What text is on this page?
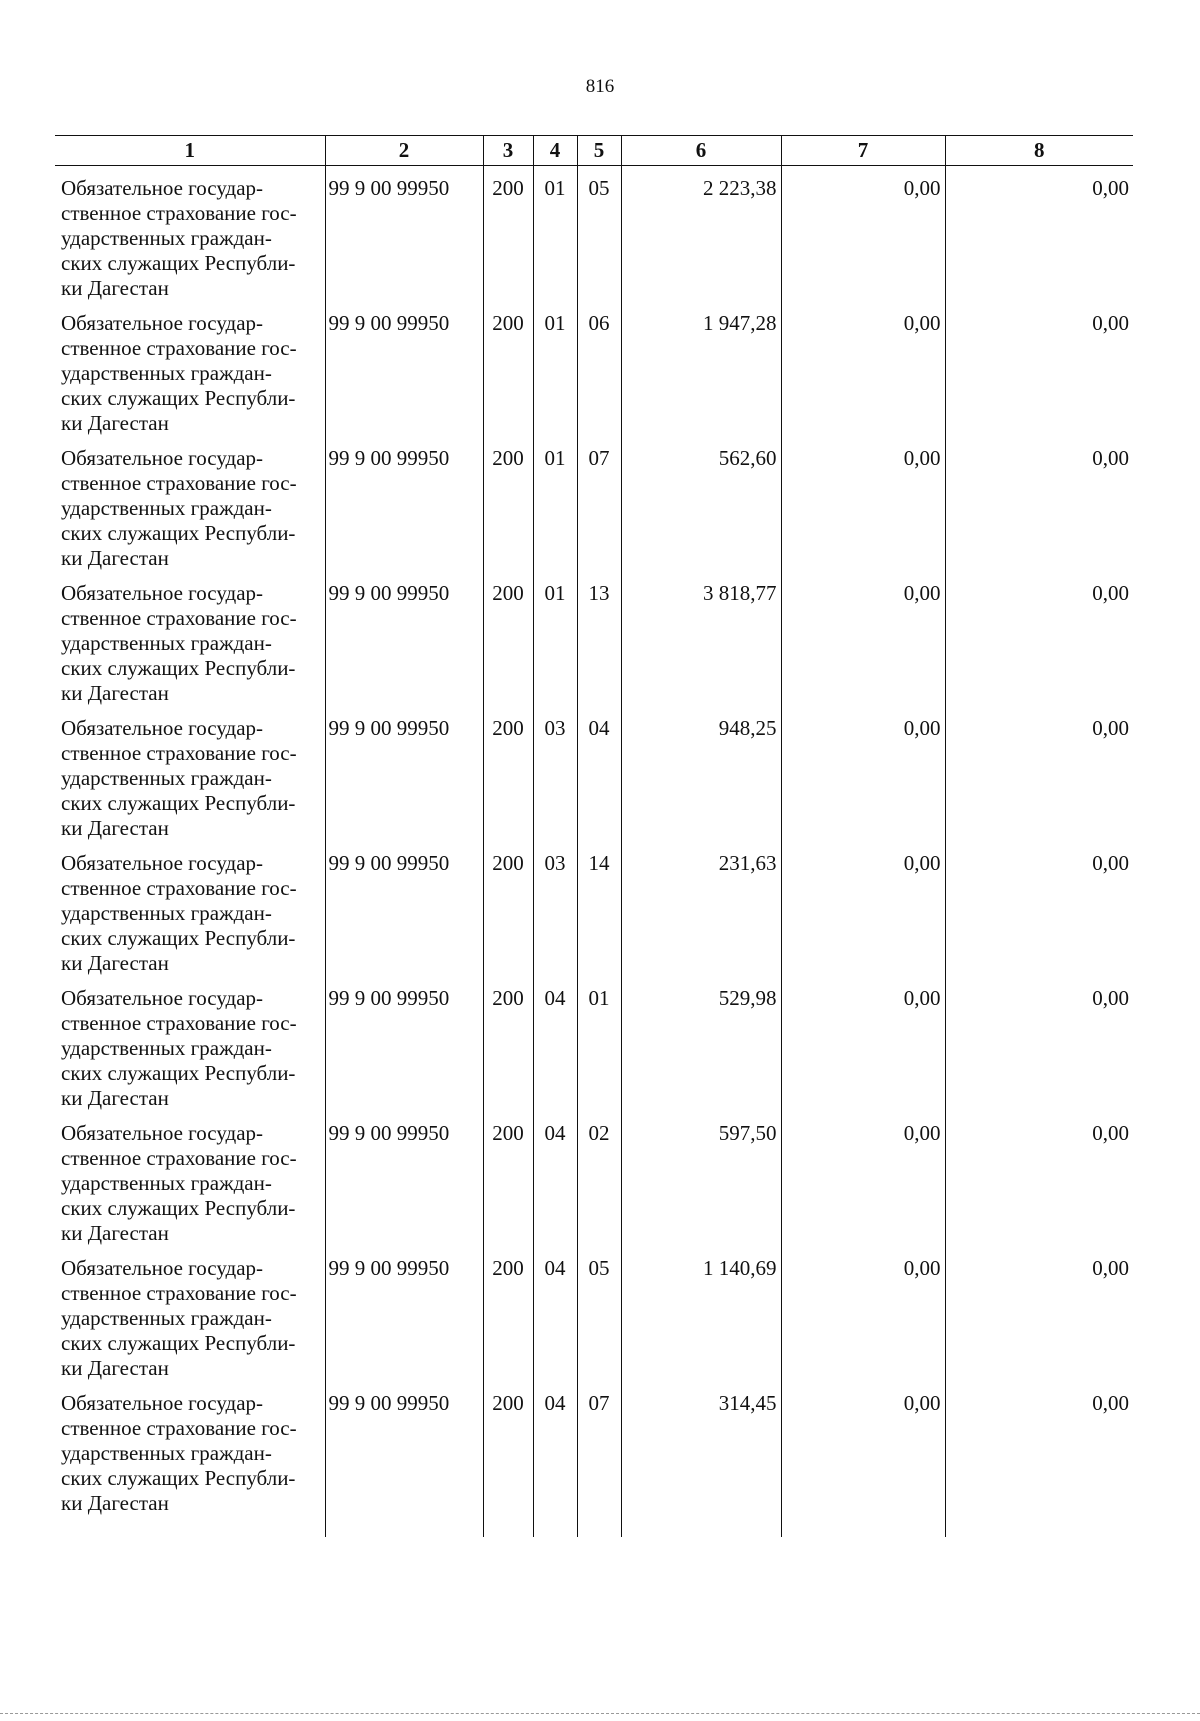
816
1	2	3	4	5	6	7	8
Обязательное государ-
ственное страхование гос-
ударственных граждан-
ских служащих Республи-
ки Дагестан	99 9 00 99950	200	01	05	2 223,38	0,00	0,00
Обязательное государ-
ственное страхование гос-
ударственных граждан-
ских служащих Республи-
ки Дагестан	99 9 00 99950	200	01	06	1 947,28	0,00	0,00
Обязательное государ-
ственное страхование гос-
ударственных граждан-
ских служащих Республи-
ки Дагестан	99 9 00 99950	200	01	07	562,60	0,00	0,00
Обязательное государ-
ственное страхование гос-
ударственных граждан-
ских служащих Республи-
ки Дагестан	99 9 00 99950	200	01	13	3 818,77	0,00	0,00
Обязательное государ-
ственное страхование гос-
ударственных граждан-
ских служащих Республи-
ки Дагестан	99 9 00 99950	200	03	04	948,25	0,00	0,00
Обязательное государ-
ственное страхование гос-
ударственных граждан-
ских служащих Республи-
ки Дагестан	99 9 00 99950	200	03	14	231,63	0,00	0,00
Обязательное государ-
ственное страхование гос-
ударственных граждан-
ских служащих Республи-
ки Дагестан	99 9 00 99950	200	04	01	529,98	0,00	0,00
Обязательное государ-
ственное страхование гос-
ударственных граждан-
ских служащих Республи-
ки Дагестан	99 9 00 99950	200	04	02	597,50	0,00	0,00
Обязательное государ-
ственное страхование гос-
ударственных граждан-
ских служащих Республи-
ки Дагестан	99 9 00 99950	200	04	05	1 140,69	0,00	0,00
Обязательное государ-
ственное страхование гос-
ударственных граждан-
ских служащих Республи-
ки Дагестан	99 9 00 99950	200	04	07	314,45	0,00	0,00
